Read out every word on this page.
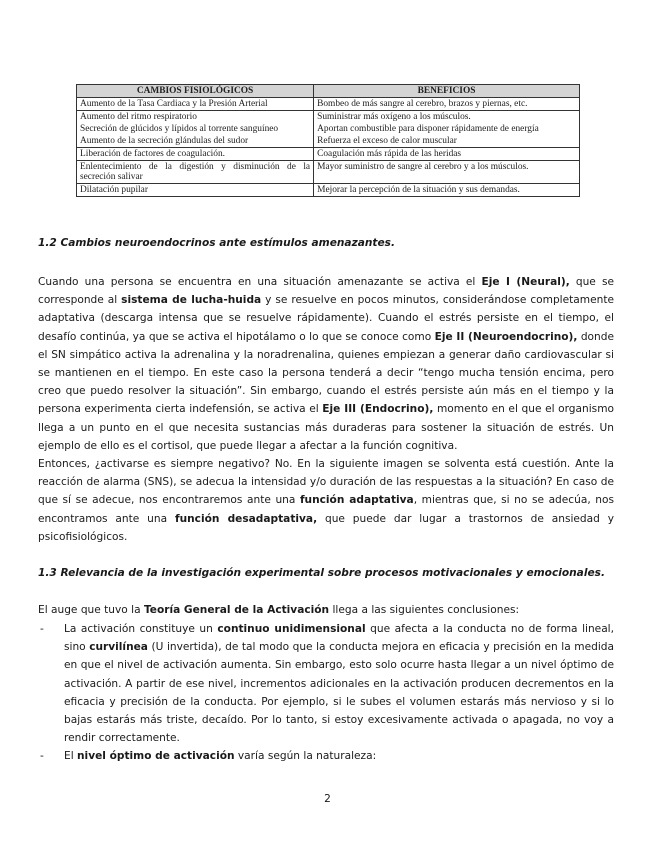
CAMBIOS FISIOLÓGICOS	BENEFICIOS
Aumento de la Tasa Cardiaca y la Presión Arterial	Bombeo de más sangre al cerebro, brazos y piernas, etc.
Aumento del ritmo respiratorio	Suministrar más oxígeno a los músculos.
Secreción de glúcidos y lípidos al torrente sanguíneo	Aportan combustible para disponer rápidamente de energía
Aumento de la secreción glándulas del sudor	Refuerza el exceso de calor muscular
Liberación de factores de coagulación.	Coagulación más rápida de las heridas
Enlentecimiento de la digestión y disminución de la secreción salivar	Mayor suministro de sangre al cerebro y a los músculos.
Dilatación pupilar	Mejorar la percepción de la situación y sus demandas.
1.2 Cambios neuroendocrinos ante estímulos amenazantes.

Cuando una persona se encuentra en una situación amenazante se activa el Eje I (Neural), que se corresponde al sistema de lucha-huida y se resuelve en pocos minutos, considerándose completamente adaptativa (descarga intensa que se resuelve rápidamente). Cuando el estrés persiste en el tiempo, el desafío continúa, ya que se activa el hipotálamo o lo que se conoce como Eje II (Neuroendocrino), donde el SN simpático activa la adrenalina y la noradrenalina, quienes empiezan a generar daño cardiovascular si se mantienen en el tiempo. En este caso la persona tenderá a decir “tengo mucha tensión encima, pero creo que puedo resolver la situación”. Sin embargo, cuando el estrés persiste aún más en el tiempo y la persona experimenta cierta indefensión, se activa el Eje III (Endocrino), momento en el que el organismo llega a un punto en el que necesita sustancias más duraderas para sostener la situación de estrés. Un ejemplo de ello es el cortisol, que puede llegar a afectar a la función cognitiva.

Entonces, ¿activarse es siempre negativo? No. En la siguiente imagen se solventa está cuestión. Ante la reacción de alarma (SNS), se adecua la intensidad y/o duración de las respuestas a la situación? En caso de que sí se adecue, nos encontraremos ante una función adaptativa, mientras que, si no se adecúa, nos encontramos ante una función desadaptativa, que puede dar lugar a trastornos de ansiedad y psicofisiológicos.

1.3 Relevancia de la investigación experimental sobre procesos motivacionales y emocionales.

El auge que tuvo la Teoría General de la Activación llega a las siguientes conclusiones:

- La activación constituye un continuo unidimensional que afecta a la conducta no de forma lineal, sino curvilínea (U invertida), de tal modo que la conducta mejora en eficacia y precisión en la medida en que el nivel de activación aumenta. Sin embargo, esto solo ocurre hasta llegar a un nivel óptimo de activación. A partir de ese nivel, incrementos adicionales en la activación producen decrementos en la eficacia y precisión de la conducta. Por ejemplo, si le subes el volumen estarás más nervioso y si lo bajas estarás más triste, decaído. Por lo tanto, si estoy excesivamente activada o apagada, no voy a rendir correctamente.
- El nivel óptimo de activación varía según la naturaleza:
2
